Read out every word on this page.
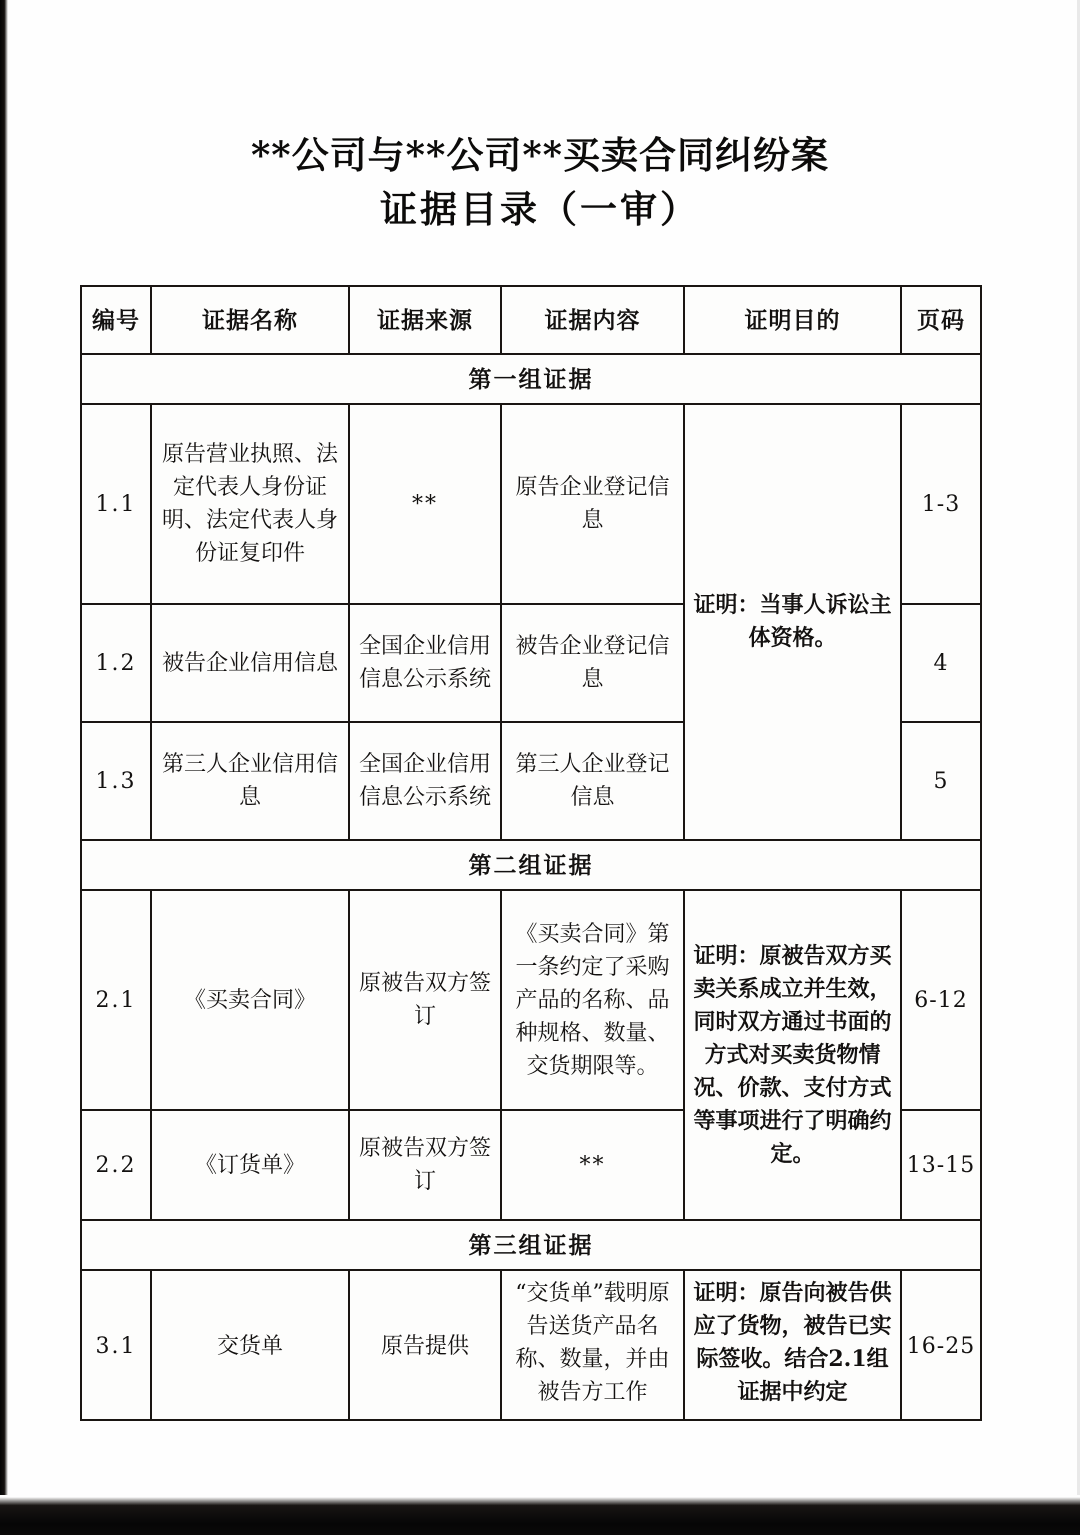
**公司与**公司**买卖合同纠纷案
证据目录（一审）
编号	证据名称	证据来源	证据内容	证明目的	页码
第一组证据					
1.1	原告营业执照、法定代表人身份证明、法定代表人身份证复印件	**	原告企业登记信息	证明：当事人诉讼主体资格。	1-3
1.2	被告企业信用信息	全国企业信用信息公示系统	被告企业登记信息		4
1.3	第三人企业信用信息	全国企业信用信息公示系统	第三人企业登记信息		5
第二组证据					
2.1	《买卖合同》	原被告双方签订	《买卖合同》第一条约定了采购产品的名称、品种规格、数量、交货期限等。	证明：原被告双方买卖关系成立并生效，同时双方通过书面的方式对买卖货物情况、价款、支付方式等事项进行了明确约定。	6-12
2.2	《订货单》	原被告双方签订	**		13-15
第三组证据					
3.1	交货单	原告提供	“交货单”载明原告送货产品名称、数量，并由被告方工作	证明：原告向被告供应了货物，被告已实际签收。结合2.1组证据中约定	16-25
